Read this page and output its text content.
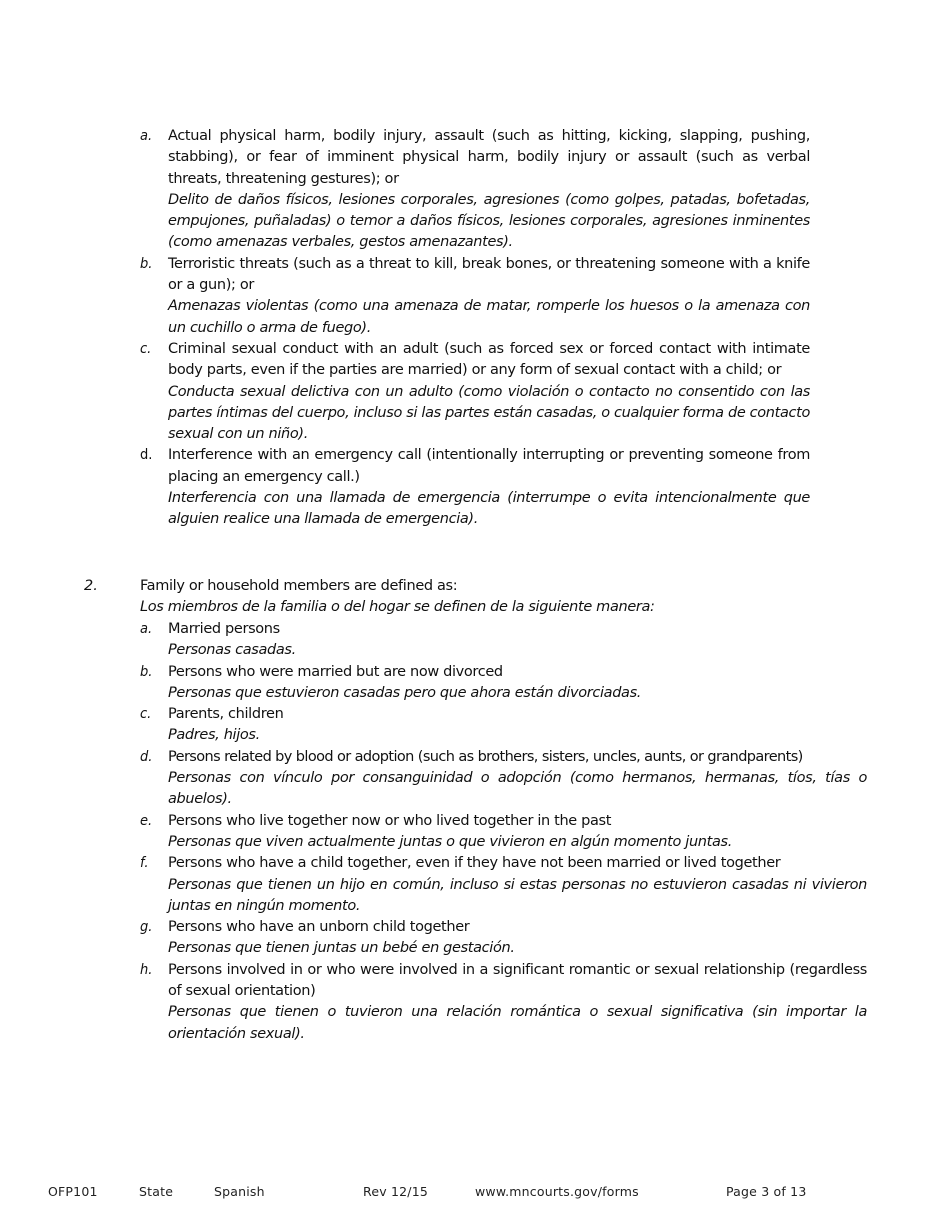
a.	Actual physical harm, bodily injury, assault (such as hitting, kicking, slapping, pushing, stabbing), or fear of imminent physical harm, bodily injury or assault (such as verbal threats, threatening gestures); or

Delito de daños físicos, lesiones corporales, agresiones (como golpes, patadas, bofetadas, empujones, puñaladas) o temor a daños físicos, lesiones corporales, agresiones inminentes (como amenazas verbales, gestos amenazantes).

b.	Terroristic threats (such as a threat to kill, break bones, or threatening someone with a knife or a gun); or

Amenazas violentas (como una amenaza de matar, romperle los huesos o la amenaza con un cuchillo o arma de fuego).

c.	Criminal sexual conduct with an adult (such as forced sex or forced contact with intimate body parts, even if the parties are married) or any form of sexual contact with a child; or

Conducta sexual delictiva con un adulto (como violación o contacto no consentido con las partes íntimas del cuerpo, incluso si las partes están casadas, o cualquier forma de contacto sexual con un niño).

d.	Interference with an emergency call (intentionally interrupting or preventing someone from placing an emergency call.)

Interferencia con una llamada de emergencia (interrumpe o evita intencionalmente que alguien realice una llamada de emergencia).

2.	Family or household members are defined as:

Los miembros de la familia o del hogar se definen de la siguiente manera:

a.	Married persons

Personas casadas.

b.	Persons who were married but are now divorced

Personas que estuvieron casadas pero que ahora están divorciadas.

c.	Parents, children

Padres, hijos.

d.	Persons related by blood or adoption (such as brothers, sisters, uncles, aunts, or grandparents)

Personas con vínculo por consanguinidad o adopción (como hermanos, hermanas, tíos, tías o abuelos).

e.	Persons who live together now or who lived together in the past

Personas que viven actualmente juntas o que vivieron en algún momento juntas.

f.	Persons who have a child together, even if they have not been married or lived together

Personas que tienen un hijo en común, incluso si estas personas no estuvieron casadas ni vivieron juntas en ningún momento.

g.	Persons who have an unborn child together

Personas que tienen juntas un bebé en gestación.

h.	Persons involved in or who were involved in a significant romantic or sexual relationship (regardless of sexual orientation)

Personas que tienen o tuvieron una relación romántica o sexual significativa (sin importar la orientación sexual).

OFP101	State	Spanish	Rev 12/15	www.mncourts.gov/forms	Page 3 of 13
